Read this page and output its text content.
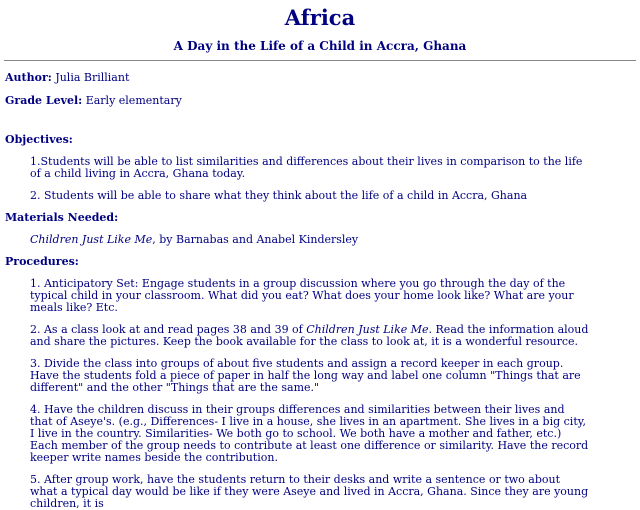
Africa
A Day in the Life of a Child in Accra, Ghana
Author: Julia Brilliant
Grade Level: Early elementary
Objectives:
1.Students will be able to list similarities and differences about their lives in comparison to the life of a child living in Accra, Ghana today.
2. Students will be able to share what they think about the life of a child in Accra, Ghana
Materials Needed:
Children Just Like Me, by Barnabas and Anabel Kindersley
Procedures:
1. Anticipatory Set: Engage students in a group discussion where you go through the day of the typical child in your classroom. What did you eat? What does your home look like? What are your meals like? Etc.
2. As a class look at and read pages 38 and 39 of Children Just Like Me. Read the information aloud and share the pictures. Keep the book available for the class to look at, it is a wonderful resource.
3. Divide the class into groups of about five students and assign a record keeper in each group. Have the students fold a piece of paper in half the long way and label one column "Things that are different" and the other "Things that are the same."
4. Have the children discuss in their groups differences and similarities between their lives and that of Aseye's. (e.g., Differences- I live in a house, she lives in an apartment. She lives in a big city, I live in the country. Similarities- We both go to school. We both have a mother and father, etc.) Each member of the group needs to contribute at least one difference or similarity. Have the record keeper write names beside the contribution.
5. After group work, have the students return to their desks and write a sentence or two about what a typical day would be like if they were Aseye and lived in Accra, Ghana. Since they are young children, it is
